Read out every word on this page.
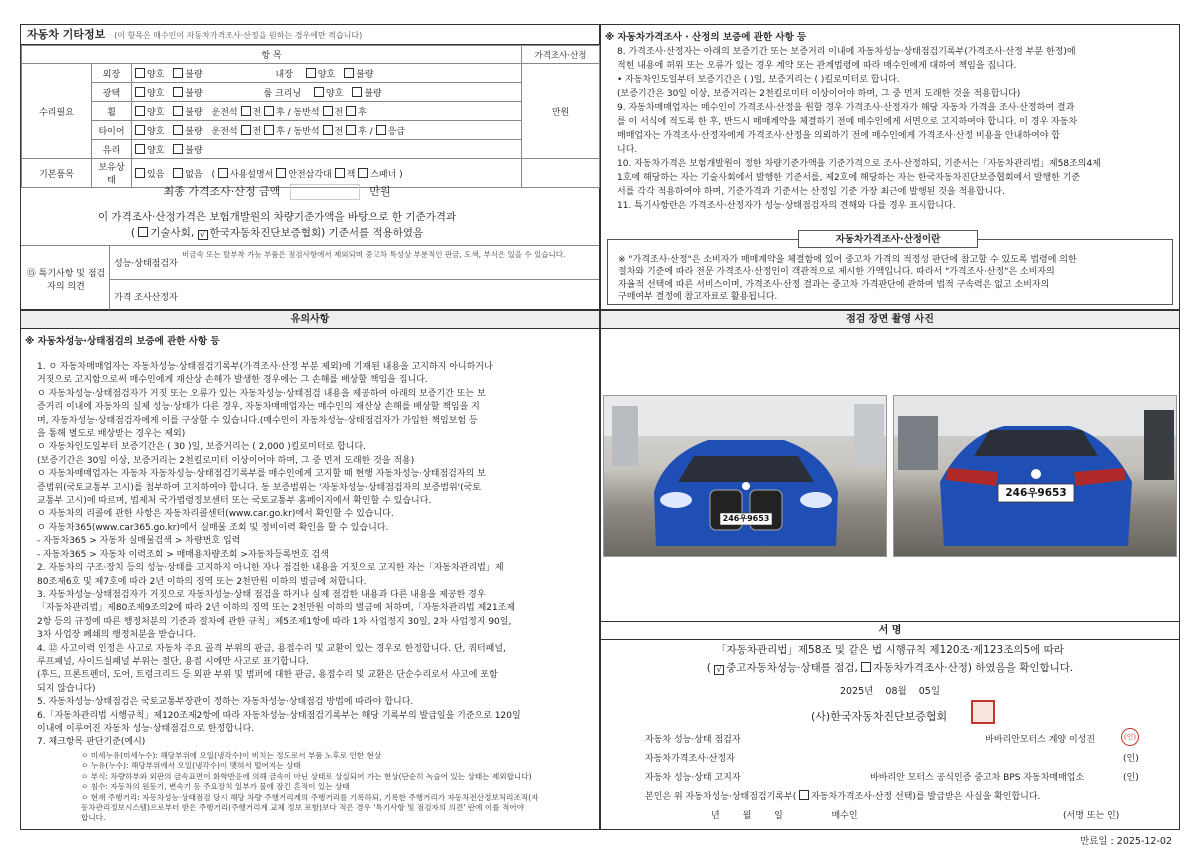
자동차 기타정보 (이 항목은 매수인이 자동차가격조사·산정을 원하는 경우에만 적습니다)
항 목			가격조사·산정
수리필요	외장	양호 불량 내장 양호 불량	만원
	광택	양호 불량 룸 크리닝 양호 불량	
	휠	양호 불량 운전석 전 후 / 동반석 전 후	
	타이어	양호 불량 운전석 전 후 / 동반석 전 후 / 응급	
	유리	양호 불량	
기본품목	보유상태	있음 없음 ( 사용설명서 안전삼각대 잭 스패너 )	
최종 가격조사·산정 금액	만원
이 가격조사·산정가격은 보험개발원의 차량기준가액을 바탕으로 한 기준가격과
( 기술사회, √ 한국자동차진단보증협회) 기준서를 적용하였음
⑮ 특기사항 및 점검자의 의견
성능·상태점검자
비금속 또는 탈부착 가능 부품은 점검사항에서 제외되며 중고차 특성상 부분적인 판금, 도색, 부식은 있을 수 있습니다.
가격 조사산정자
※ 자동차가격조사 · 산정의 보증에 관한 사항 등
8. 가격조사·산정자는 아래의 보증기간 또는 보증거리 이내에 자동차성능·상태점검기록부(가격조사·산정 부분 한정)에
적힌 내용에 허위 또는 오류가 있는 경우 계약 또는 관계법령에 따라 매수인에게 대하여 책임을 집니다.
• 자동차인도일부터 보증기간은 ( )일, 보증거리는 ( )킬로미터로 합니다.
(보증기간은 30일 이상, 보증거리는 2천킬로미터 이상이어야 하며, 그 중 먼저 도래한 것을 적용합니다)
9. 자동차매매업자는 매수인이 가격조사·산정을 원할 경우 가격조사·산정자가 해당 자동차 가격을 조사·산정하여 결과
를 이 서식에 적도록 한 후, 반드시 매매계약을 체결하기 전에 매수인에게 서면으로 고지하여야 합니다. 이 경우 자동차
매매업자는 가격조사·산정자에게 가격조사·산정을 의뢰하기 전에 매수인에게 가격조사·산정 비용을 안내하여야 합
니다.
10. 자동차가격은 보험개발원이 정한 차량기준가액을 기준가격으로 조사·산정하되, 기준서는「자동차관리법」제58조의4제
1호에 해당하는 자는 기술사회에서 발행한 기준서를, 제2호에 해당하는 자는 한국자동차진단보증협회에서 발행한 기준
서를 각각 적용하여야 하며, 기준가격과 기준서는 산정일 기준 가장 최근에 발행된 것을 적용합니다.
11. 특기사항란은 가격조사·산정자가 성능·상태점검자의 견해와 다를 경우 표시합니다.
자동차가격조사·산정이란
※ "가격조사·산정"은 소비자가 매매계약을 체결함에 있어 중고차 가격의 적정성 판단에 참고할 수 있도록 법령에 의한
절차와 기준에 따라 전문 가격조사·산정인이 객관적으로 제시한 가액입니다. 따라서 "가격조사·산정"은 소비자의
자율적 선택에 따른 서비스이며, 가격조사·산정 결과는 중고차 가격판단에 관하여 법적 구속력은 없고 소비자의
구매여부 결정에 참고자료로 활용됩니다.
유의사항
※ 자동차성능·상태점검의 보증에 관한 사항 등
1. ㅇ 자동차매매업자는 자동차성능·상태점검기록부(가격조사·산정 부분 제외)에 기재된 내용을 고지하지 아니하거나
거짓으로 고지함으로써 매수인에게 재산상 손해가 발생한 경우에는 그 손해를 배상할 책임을 집니다.
ㅇ 자동차성능·상태점검자가 거짓 또는 오류가 있는 자동차성능·상태점검 내용을 제공하여 아래의 보증기간 또는 보
증거리 이내에 자동차의 실제 성능·상태가 다른 경우, 자동차매매업자는 매수인의 재산상 손해를 배상할 책임을 지
며, 자동차성능·상태점검자에게 이를 구상할 수 있습니다.(매수인이 자동차성능·상태점검자가 가입한 책임보험 등
을 통해 별도로 배상받는 경우는 제외)
ㅇ 자동차인도일부터 보증기간은 ( 30 )일, 보증거리는 ( 2,000 )킬로미터로 합니다.
(보증기간은 30일 이상, 보증거리는 2천킬로미터 이상이어야 하며, 그 중 먼저 도래한 것을 적용)
ㅇ 자동차매매업자는 자동차 자동차성능·상태점검기록부를 매수인에게 고지할 때 현행 자동차성능·상태점검자의 보
증범위(국토교통부 고시)를 첨부하여 고지하여야 합니다. 동 보증범위는 '자동차성능·상태점검자의 보증범위'(국토
교통부 고시)에 따르며, 법제처 국가법령정보센터 또는 국토교통부 홈페이지에서 확인할 수 있습니다.
ㅇ 자동차의 리콜에 관한 사항은 자동차리콜센터(www.car.go.kr)에서 확인할 수 있습니다.
ㅇ 자동차365(www.car365.go.kr)에서 실매물 조회 및 정비이력 확인을 할 수 있습니다.
- 자동차365 > 자동차 실매물검색 > 차량번호 입력
- 자동차365 > 자동차 이력조회 > 매매용차량조회 >자동차등록번호 검색
2. 자동차의 구조·장치 등의 성능·상태를 고지하지 아니한 자나 점검한 내용을 거짓으로 고지한 자는「자동차관리법」제
80조제6호 및 제7호에 따라 2년 이하의 징역 또는 2천만원 이하의 벌금에 처합니다.
3. 자동차성능·상태점검자가 거짓으로 자동차성능·상태 점검을 하거나 실제 점검한 내용과 다른 내용을 제공한 경우
「자동차관리법」제80조제9조의2에 따라 2년 이하의 징역 또는 2천만원 이하의 벌금에 처하며,「자동차관리법 제21조제
2항 등의 규정에 따른 행정처분의 기준과 절차에 관한 규칙」제5조제1항에 따라 1차 사업정지 30일, 2차 사업정지 90일,
3차 사업장 폐쇄의 행정처분을 받습니다.
4. ⑫ 사고이력 인정은 사고로 자동차 주요 골격 부위의 판금, 용접수리 및 교환이 있는 경우로 한정합니다. 단, 쿼터패널,
루프패널, 사이드실패널 부위는 절단, 용접 시에만 사고로 표기합니다.
(후드, 프론트펜더, 도어, 트렁크리드 등 외판 부위 및 범퍼에 대한 판금, 용접수리 및 교환은 단순수리로서 사고에 포함
되지 않습니다)
5. 자동차성능·상태점검은 국토교통부장관이 정하는 자동차성능·상태점검 방법에 따라야 합니다.
6.「자동차관리법 시행규칙」제120조제2항에 따라 자동차성능·상태점검기록부는 해당 기록부의 발급일을 기준으로 120일
이내에 이루어진 자동차 성능·상태점검으로 한정합니다.
7. 체크항목 판단기준(예시)
ㅇ 미세누유(미세누수): 해당부위에 오일(냉각수)이 비치는 정도로서 부품 노후로 인한 현상
ㅇ 누유(누수): 해당부위에서 오일(냉각수)이 맺혀서 떨어지는 상태
ㅇ 부식: 차량하부와 외판의 금속표면이 화학반응에 의해 금속이 아닌 상태로 상실되어 가는 현상(단순히 녹슬어 있는 상태는 제외합니다)
ㅇ 침수: 자동차의 원동기, 변속기 등 주요장치 일부가 물에 잠긴 흔적이 있는 상태
ㅇ 현재 주행거리: 자동차성능·상태점검 당시 해당 차량 주행거리계의 주행거리를 기록하되, 기록한 주행거리가 자동차전산정보처리조직(자
동차관리정보시스템)으로부터 받은 주행거리(주행거리계 교체 정보 포함)보다 적은 경우 '특기사항 및 점검자의 의견' 란에 이를 적어야
합니다.
점검 장면 촬영 사진
246우9653
246우9653
서 명
「자동차관리법」제58조 및 같은 법 시행규칙 제120조·제123조의5에 따라
( √ 중고자동차성능·상태를 점검, 자동차가격조사·산정) 하였음을 확인합니다.
2025년    08월    05일
(사)한국자동차진단보증협회
자동차 성능·상태 점검자	바바리안모터스 계양 이성진	(인)
자동차가격조사·산정자	(인)
자동차 성능·상태 고지자	바바리안 모터스 공식인증 중고차 BPS 자동차매매업소	(인)
본인은 위 자동차성능·상태점검기록부( 자동차가격조사·산정 선택)를 발급받은 사실을 확인합니다.
년        월        일                 매수인	(서명 또는 인)
만료일 : 2025-12-02
